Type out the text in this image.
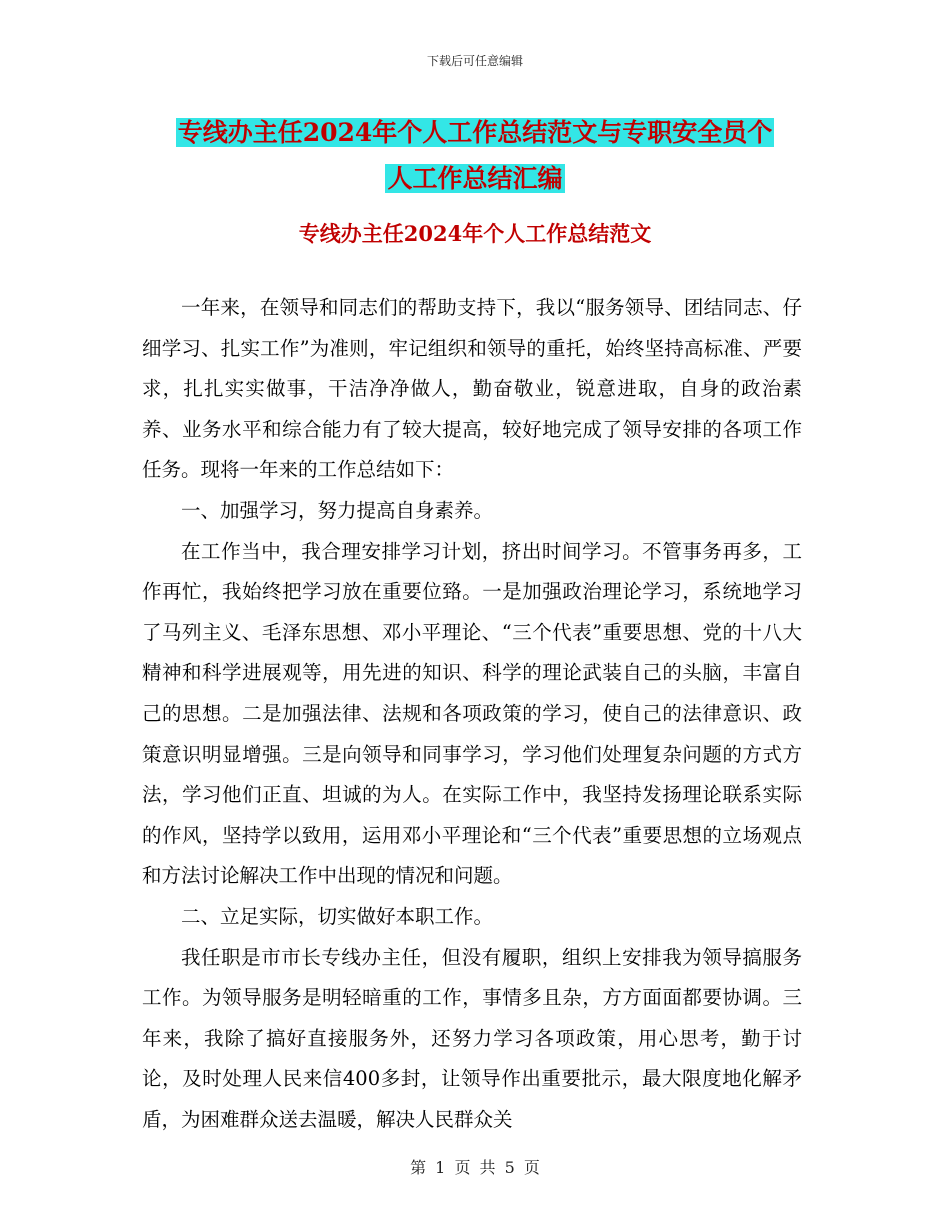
下载后可任意编辑
专线办主任2024年个人工作总结范文与专职安全员个
人工作总结汇编
专线办主任2024年个人工作总结范文

一年来，在领导和同志们的帮助支持下，我以“服务领导、团结同志、仔细学习、扎实工作”为准则，牢记组织和领导的重托，始终坚持高标准、严要求，扎扎实实做事，干洁净净做人，勤奋敬业，锐意进取，自身的政治素养、业务水平和综合能力有了较大提高，较好地完成了领导安排的各项工作任务。现将一年来的工作总结如下：

一、加强学习，努力提高自身素养。

在工作当中，我合理安排学习计划，挤出时间学习。不管事务再多，工作再忙，我始终把学习放在重要位臵。一是加强政治理论学习，系统地学习了马列主义、毛泽东思想、邓小平理论、“三个代表”重要思想、党的十八大精神和科学进展观等，用先进的知识、科学的理论武装自己的头脑，丰富自己的思想。二是加强法律、法规和各项政策的学习，使自己的法律意识、政策意识明显增强。三是向领导和同事学习，学习他们处理复杂问题的方式方法，学习他们正直、坦诚的为人。在实际工作中，我坚持发扬理论联系实际的作风，坚持学以致用，运用邓小平理论和“三个代表”重要思想的立场观点和方法讨论解决工作中出现的情况和问题。

二、立足实际，切实做好本职工作。

我任职是市市长专线办主任，但没有履职，组织上安排我为领导搞服务工作。为领导服务是明轻暗重的工作，事情多且杂，方方面面都要协调。三年来，我除了搞好直接服务外，还努力学习各项政策，用心思考，勤于讨论，及时处理人民来信400多封，让领导作出重要批示，最大限度地化解矛盾，为困难群众送去温暖，解决人民群众关

第 1 页 共 5 页
